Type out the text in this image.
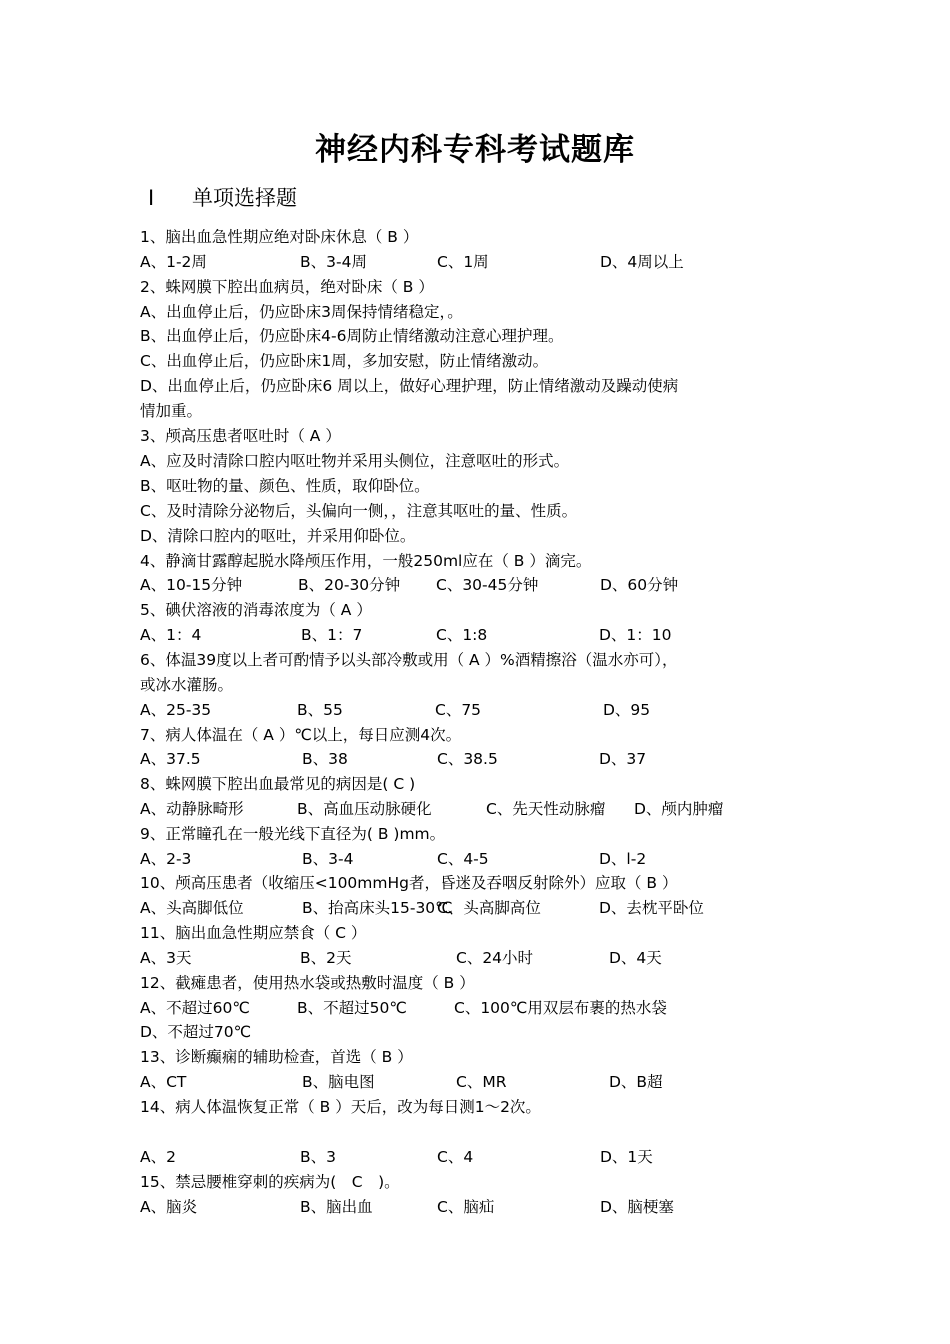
神经内科专科考试题库
I 单项选择题
1、脑出血急性期应绝对卧床休息（ B ）
A、1-2周	B、3-4周	C、1周	D、4周以上
2、蛛网膜下腔出血病员，绝对卧床（ B ）
A、出血停止后，仍应卧床3周保持情绪稳定，。
B、出血停止后，仍应卧床4-6周防止情绪激动注意心理护理。
C、出血停止后，仍应卧床1周，多加安慰，防止情绪激动。
D、出血停止后，仍应卧床6 周以上，做好心理护理，防止情绪激动及躁动使病
情加重。
3、颅高压患者呕吐时（ A ）
A、应及时清除口腔内呕吐物并采用头侧位，注意呕吐的形式。
B、呕吐物的量、颜色、性质，取仰卧位。
C、及时清除分泌物后，头偏向一侧，，注意其呕吐的量、性质。
D、清除口腔内的呕吐，并采用仰卧位。
4、静滴甘露醇起脱水降颅压作用，一般250ml应在（ B ）滴完。
A、10-15分钟	B、20-30分钟 C、30-45分钟	D、60分钟
5、碘伏溶液的消毒浓度为（ A ）
A、1：4	B、1：7	C、1:8	D、1：10
6、体温39度以上者可酌情予以头部冷敷或用（ A ）%酒精擦浴（温水亦可），
或冰水灌肠。
A、25-35	B、55	C、75	D、95
7、病人体温在（ A ）℃以上，每日应测4次。
A、37.5	B、38	C、38.5	D、37
8、蛛网膜下腔出血最常见的病因是( C )
A、动静脉畸形	B、高血压动脉硬化	C、先天性动脉瘤 D、颅内肿瘤
9、正常瞳孔在一般光线下直径为( B )mm。
A、2-3	B、3-4	C、4-5	D、l-2
10、颅高压患者（收缩压<100mmHg者，昏迷及吞咽反射除外）应取（ B ）
A、头高脚低位	B、抬高床头15-30℃
C、头高脚高位	D、去枕平卧位
11、脑出血急性期应禁食（ C ）
A、3天	B、2天	C、24小时	D、4天
12、截瘫患者，使用热水袋或热敷时温度（ B ）
A、不超过60℃	B、不超过50℃	C、100℃用双层布裹的热水袋
D、不超过70℃
13、诊断癫痫的辅助检查，首选（ B ）
A、CT	B、脑电图	C、MR	D、B超
14、病人体温恢复正常（ B ）天后，改为每日测1～2次。
A、2	B、3	C、4	D、1天
15、禁忌腰椎穿刺的疾病为(　C　)。
A、脑炎	B、脑出血	C、脑疝	D、脑梗塞
